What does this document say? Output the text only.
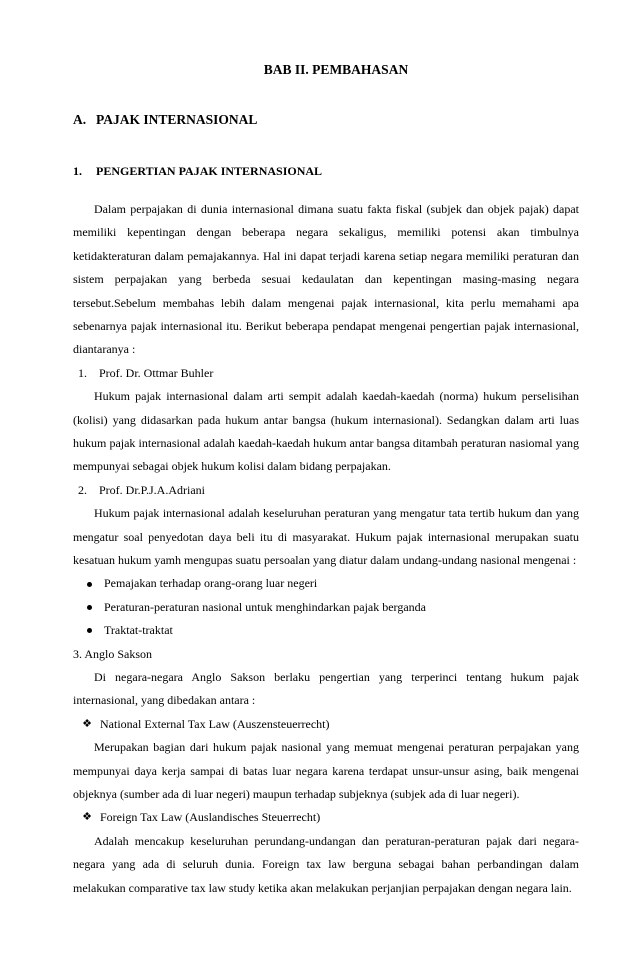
BAB II. PEMBAHASAN
A. PAJAK INTERNASIONAL
1. PENGERTIAN PAJAK INTERNASIONAL

Dalam perpajakan di dunia internasional dimana suatu fakta fiskal (subjek dan objek pajak) dapat memiliki kepentingan dengan beberapa negara sekaligus, memiliki potensi akan timbulnya ketidakteraturan dalam pemajakannya. Hal ini dapat terjadi karena setiap negara memiliki peraturan dan sistem perpajakan yang berbeda sesuai kedaulatan dan kepentingan masing-masing negara tersebut.Sebelum membahas lebih dalam mengenai pajak internasional, kita perlu memahami apa sebenarnya pajak internasional itu. Berikut beberapa pendapat mengenai pengertian pajak internasional, diantaranya :

1. Prof. Dr. Ottmar Buhler

Hukum pajak internasional dalam arti sempit adalah kaedah-kaedah (norma) hukum perselisihan (kolisi) yang didasarkan pada hukum antar bangsa (hukum internasional). Sedangkan dalam arti luas hukum pajak internasional adalah kaedah-kaedah hukum antar bangsa ditambah peraturan nasiomal yang mempunyai sebagai objek hukum kolisi dalam bidang perpajakan.

2. Prof. Dr.P.J.A.Adriani

Hukum pajak internasional adalah keseluruhan peraturan yang mengatur tata tertib hukum dan yang mengatur soal penyedotan daya beli itu di masyarakat. Hukum pajak internasional merupakan suatu kesatuan hukum yamh mengupas suatu persoalan yang diatur dalam undang-undang nasional mengenai :

Pemajakan terhadap orang-orang luar negeri
Peraturan-peraturan nasional untuk menghindarkan pajak berganda
Traktat-traktat
3. Anglo Sakson

Di negara-negara Anglo Sakson berlaku pengertian yang terperinci tentang hukum pajak internasional, yang dibedakan antara :

❖ National External Tax Law (Auszensteuerrecht)

Merupakan bagian dari hukum pajak nasional yang memuat mengenai peraturan perpajakan yang mempunyai daya kerja sampai di batas luar negara karena terdapat unsur-unsur asing, baik mengenai objeknya (sumber ada di luar negeri) maupun terhadap subjeknya (subjek ada di luar negeri).

❖ Foreign Tax Law (Auslandisches Steuerrecht)

Adalah mencakup keseluruhan perundang-undangan dan peraturan-peraturan pajak dari negara-negara yang ada di seluruh dunia. Foreign tax law berguna sebagai bahan perbandingan dalam melakukan comparative tax law study ketika akan melakukan perjanjian perpajakan dengan negara lain.
